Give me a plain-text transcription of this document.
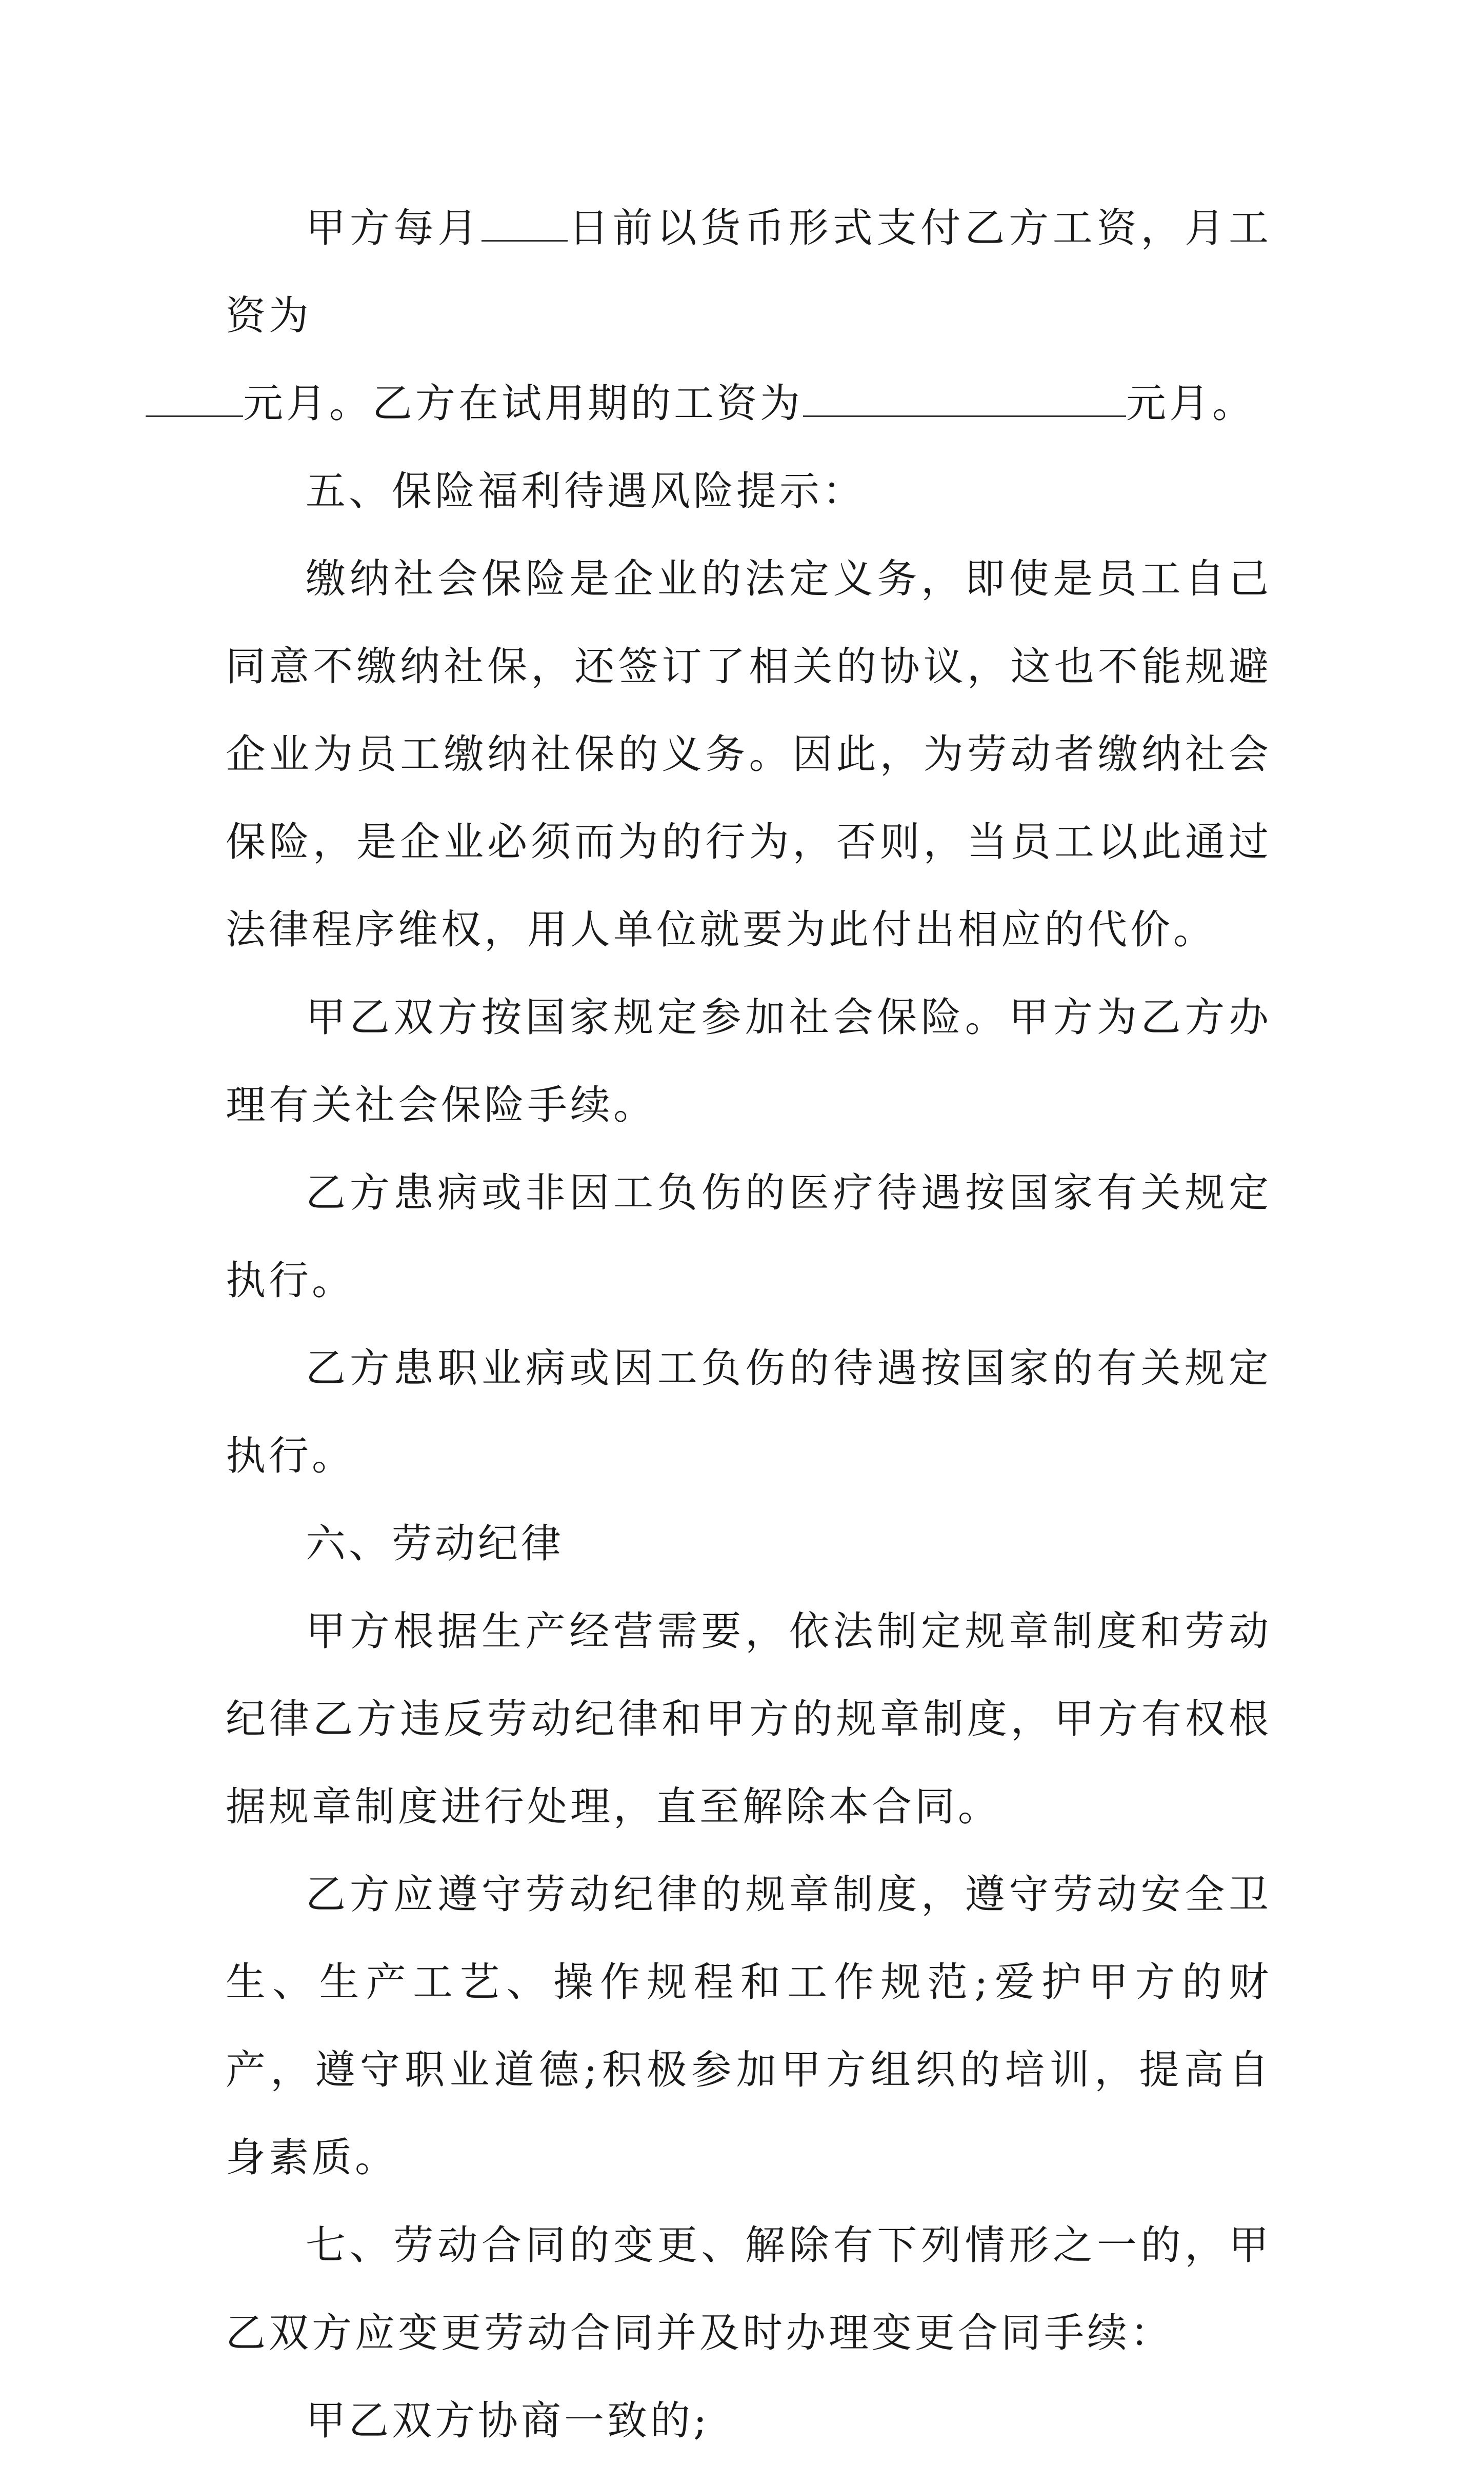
甲方每月 日前以货币形式支付乙方工资，月工资为
元月。乙方在试用期的工资为	元月。

五、保险福利待遇风险提示：

缴纳社会保险是企业的法定义务，即使是员工自己同意不缴纳社保，还签订了相关的协议，这也不能规避企业为员工缴纳社保的义务。因此，为劳动者缴纳社会保险，是企业必须而为的行为，否则，当员工以此通过法律程序维权，用人单位就要为此付出相应的代价。

甲乙双方按国家规定参加社会保险。甲方为乙方办理有关社会保险手续。

乙方患病或非因工负伤的医疗待遇按国家有关规定执行。

乙方患职业病或因工负伤的待遇按国家的有关规定执行。

六、劳动纪律

甲方根据生产经营需要，依法制定规章制度和劳动纪律乙方违反劳动纪律和甲方的规章制度，甲方有权根据规章制度进行处理，直至解除本合同。

乙方应遵守劳动纪律的规章制度，遵守劳动安全卫生、生产工艺、操作规程和工作规范;爱护甲方的财产，遵守职业道德;积极参加甲方组织的培训，提高自身素质。

七、劳动合同的变更、解除有下列情形之一的，甲乙双方应变更劳动合同并及时办理变更合同手续：

甲乙双方协商一致的;
